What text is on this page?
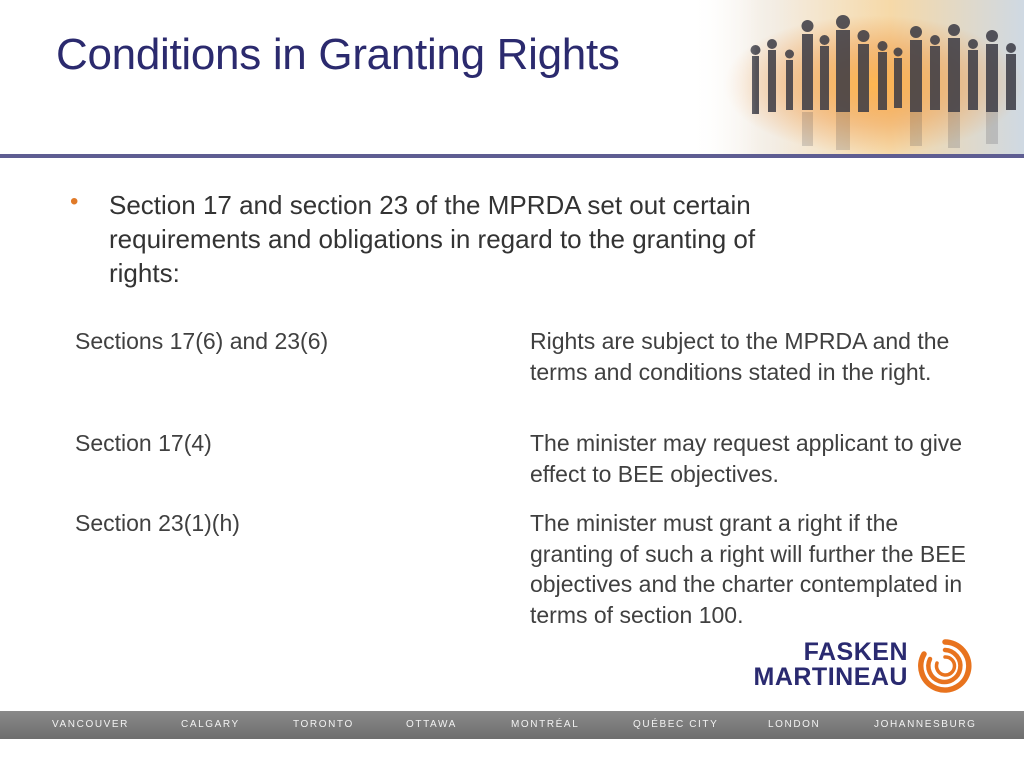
Conditions in Granting Rights
• Section 17 and section 23 of the MPRDA set out certain requirements and obligations in regard to the granting of rights:
Sections 17(6) and 23(6)	Rights are subject to the MPRDA and the terms and conditions stated in the right.
Section 17(4)	The minister may request applicant to give effect to BEE objectives.
Section 23(1)(h)	The minister must grant a right if the granting of such a right will further the BEE objectives and the charter contemplated in terms of section 100.
FASKEN
MARTINEAU
VANCOUVER	CALGARY	TORONTO	OTTAWA	MONTRÉAL	QUÉBEC CITY	LONDON	JOHANNESBURG
